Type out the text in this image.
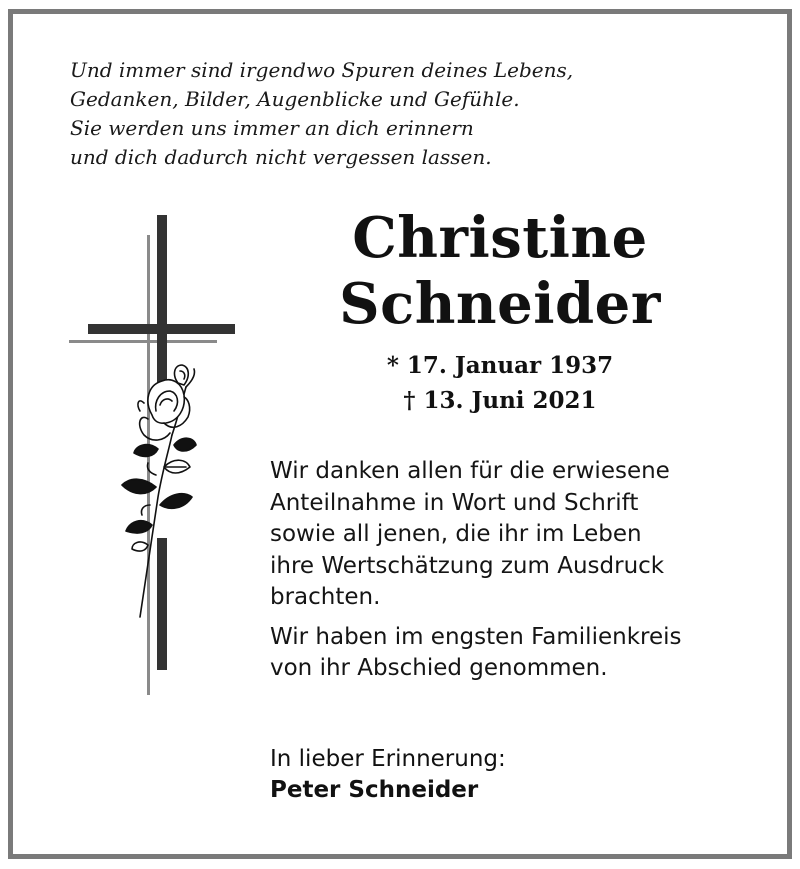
Und immer sind irgendwo Spuren deines Lebens,
Gedanken, Bilder, Augenblicke und Gefühle.
Sie werden uns immer an dich erinnern
und dich dadurch nicht vergessen lassen.
Christine
Schneider
* 17. Januar 1937
† 13. Juni 2021
Wir danken allen für die erwiesene
Anteilnahme in Wort und Schrift
sowie all jenen, die ihr im Leben
ihre Wertschätzung zum Ausdruck
brachten.
Wir haben im engsten Familienkreis
von ihr Abschied genommen.
In lieber Erinnerung:
Peter Schneider
